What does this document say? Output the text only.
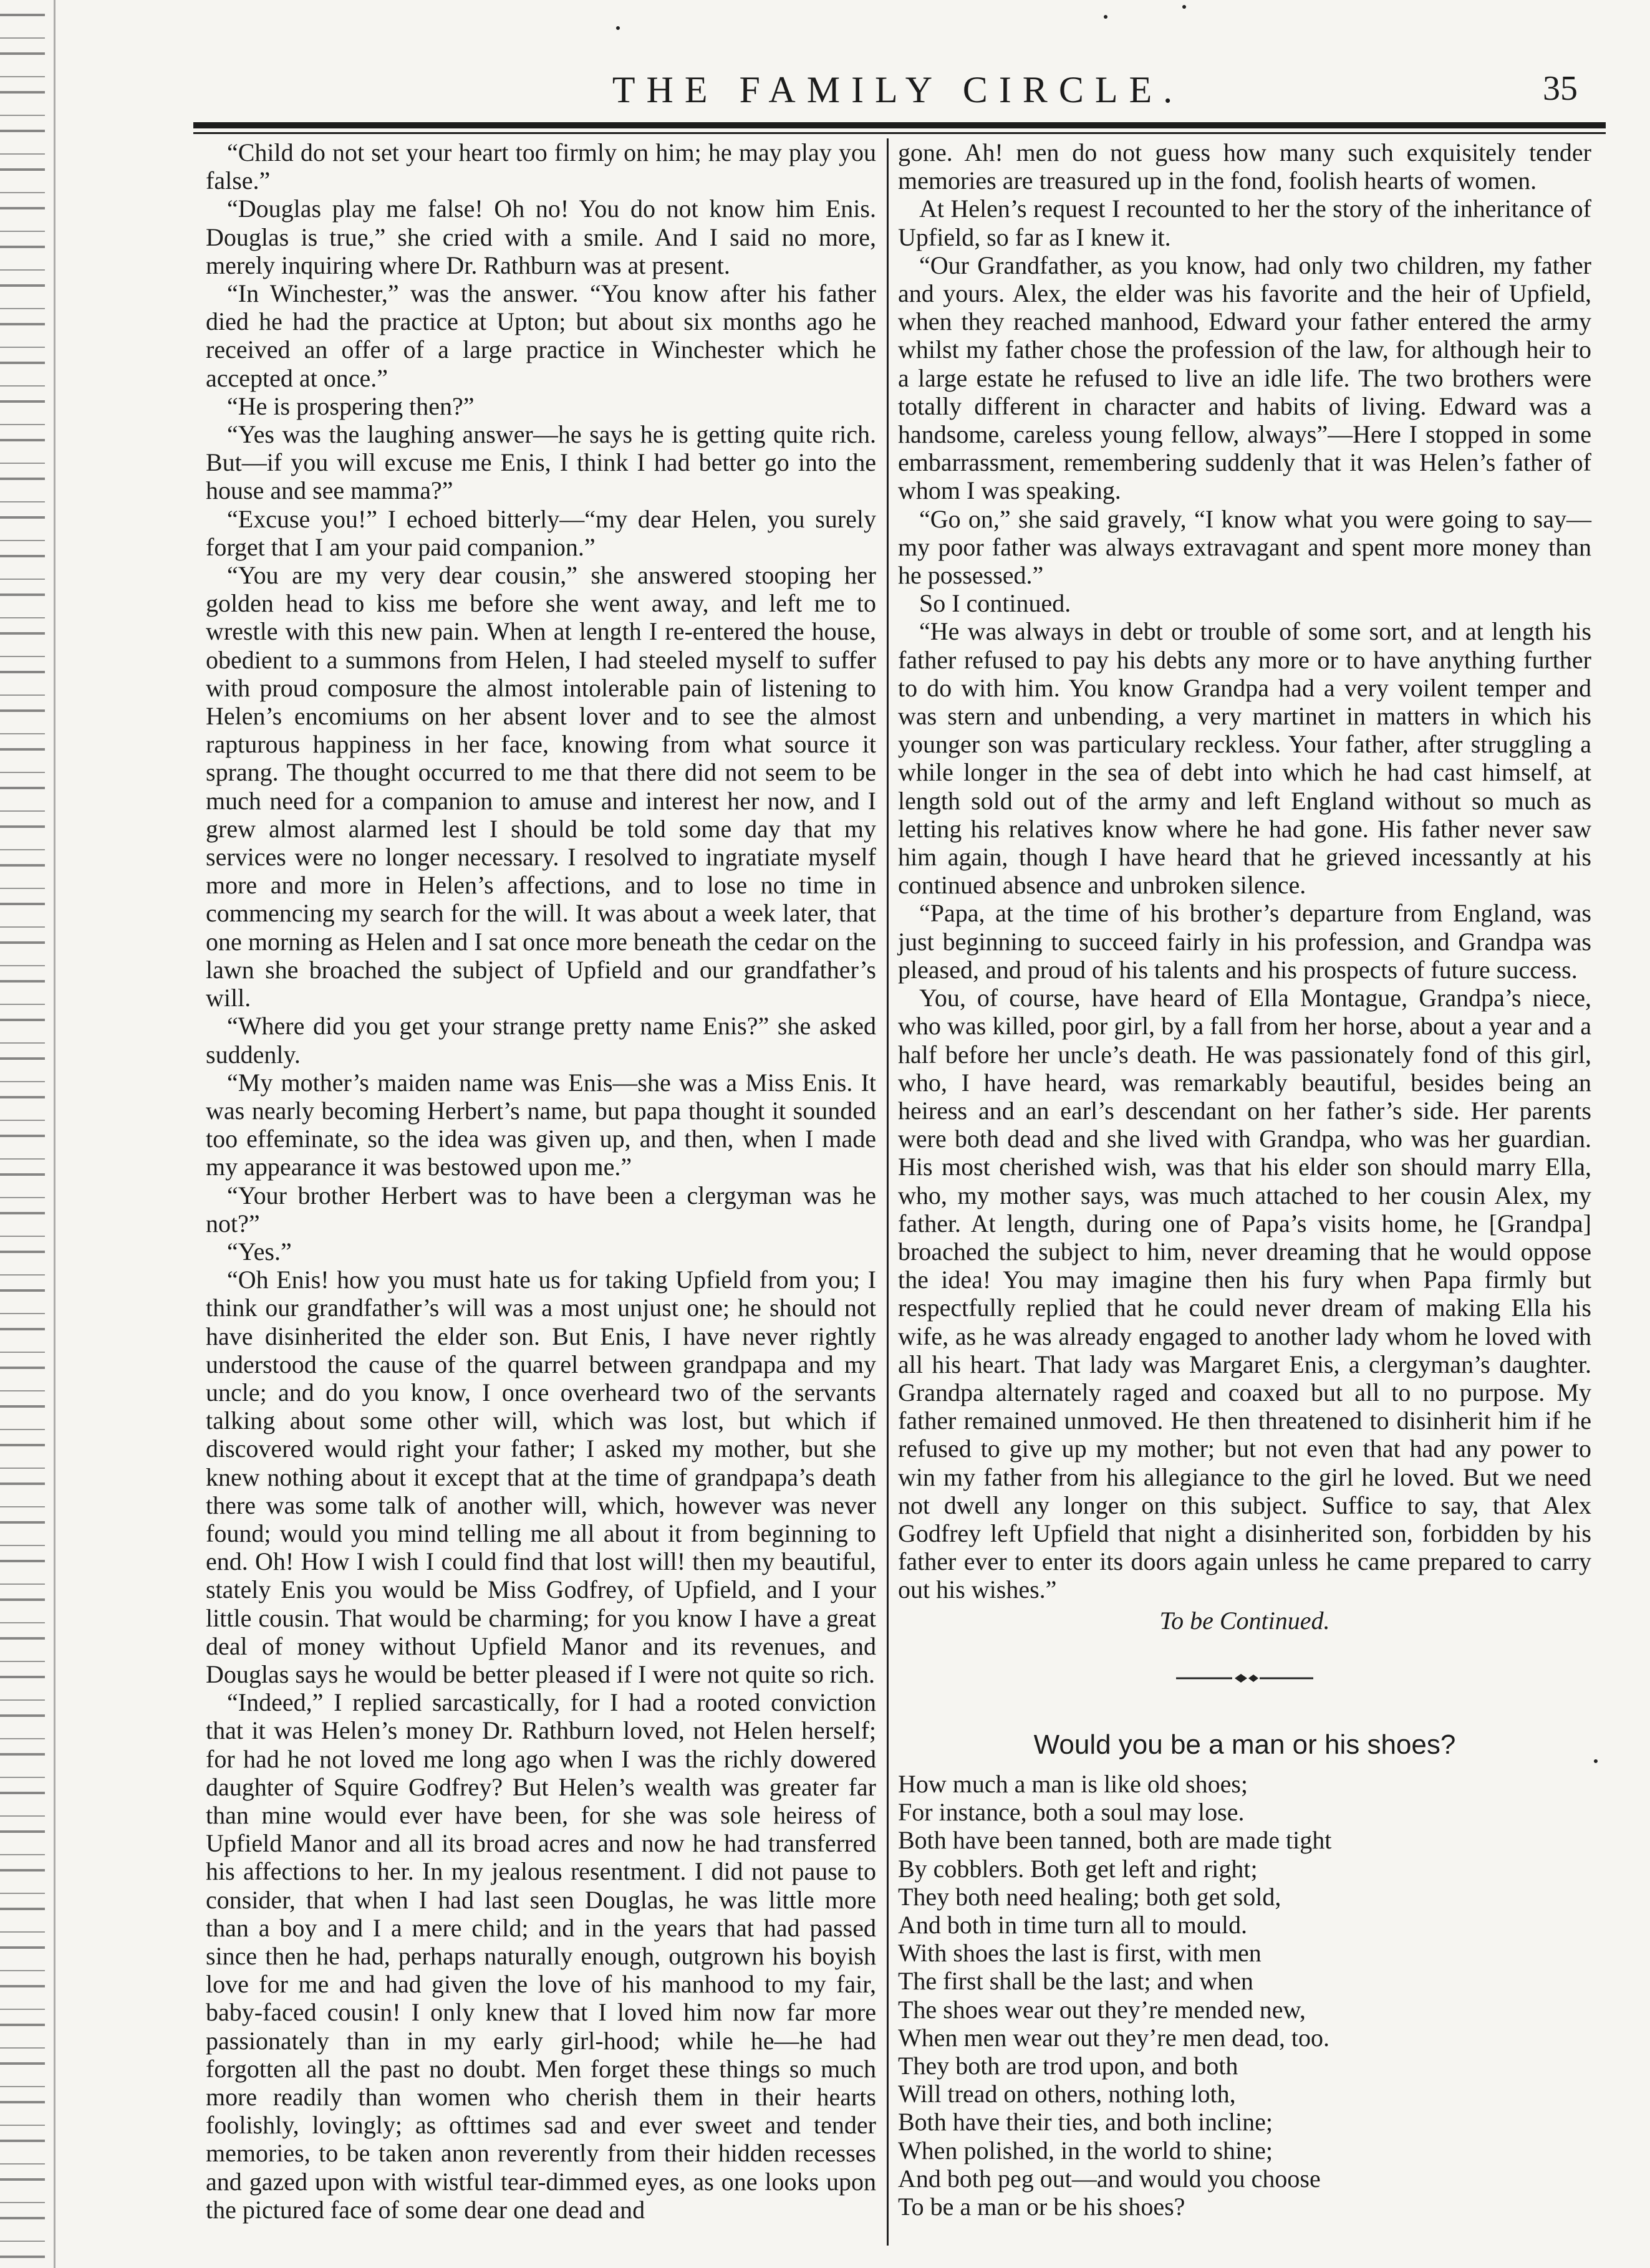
THE FAMILY CIRCLE.	35

“Child do not set your heart too firmly on him; he may play you false.”

“Douglas play me false! Oh no! You do not know him Enis. Douglas is true,” she cried with a smile. And I said no more, merely inquiring where Dr. Rathburn was at present.

“In Winchester,” was the answer. “You know after his father died he had the practice at Upton; but about six months ago he received an offer of a large practice in Winchester which he accepted at once.”

“He is prospering then?”

“Yes was the laughing answer—he says he is getting quite rich. But—if you will excuse me Enis, I think I had better go into the house and see mamma?”

“Excuse you!” I echoed bitterly—“my dear Helen, you surely forget that I am your paid companion.”

“You are my very dear cousin,” she answered stooping her golden head to kiss me before she went away, and left me to wrestle with this new pain. When at length I re-entered the house, obedient to a summons from Helen, I had steeled myself to suffer with proud composure the almost intolerable pain of listening to Helen’s encomiums on her absent lover and to see the almost rapturous happiness in her face, knowing from what source it sprang. The thought occurred to me that there did not seem to be much need for a companion to amuse and interest her now, and I grew almost alarmed lest I should be told some day that my services were no longer necessary. I resolved to ingratiate myself more and more in Helen’s affections, and to lose no time in commencing my search for the will. It was about a week later, that one morning as Helen and I sat once more beneath the cedar on the lawn she broached the subject of Upfield and our grandfather’s will.

“Where did you get your strange pretty name Enis?” she asked suddenly.

“My mother’s maiden name was Enis—she was a Miss Enis. It was nearly becoming Herbert’s name, but papa thought it sounded too effeminate, so the idea was given up, and then, when I made my appearance it was bestowed upon me.”

“Your brother Herbert was to have been a clergyman was he not?”

“Yes.”

“Oh Enis! how you must hate us for taking Upfield from you; I think our grandfather’s will was a most unjust one; he should not have disinherited the elder son. But Enis, I have never rightly understood the cause of the quarrel between grandpapa and my uncle; and do you know, I once overheard two of the servants talking about some other will, which was lost, but which if discovered would right your father; I asked my mother, but she knew nothing about it except that at the time of grandpapa’s death there was some talk of another will, which, however was never found; would you mind telling me all about it from beginning to end. Oh! How I wish I could find that lost will! then my beautiful, stately Enis you would be Miss Godfrey, of Upfield, and I your little cousin. That would be charming; for you know I have a great deal of money without Upfield Manor and its revenues, and Douglas says he would be better pleased if I were not quite so rich.

“Indeed,” I replied sarcastically, for I had a rooted conviction that it was Helen’s money Dr. Rathburn loved, not Helen herself; for had he not loved me long ago when I was the richly dowered daughter of Squire Godfrey? But Helen’s wealth was greater far than mine would ever have been, for she was sole heiress of Upfield Manor and all its broad acres and now he had transferred his affections to her. In my jealous resentment. I did not pause to consider, that when I had last seen Douglas, he was little more than a boy and I a mere child; and in the years that had passed since then he had, perhaps naturally enough, outgrown his boyish love for me and had given the love of his manhood to my fair, baby-faced cousin! I only knew that I loved him now far more passionately than in my early girl-hood; while he—he had forgotten all the past no doubt. Men forget these things so much more readily than women who cherish them in their hearts foolishly, lovingly; as ofttimes sad and ever sweet and tender memories, to be taken anon reverently from their hidden recesses and gazed upon with wistful tear-dimmed eyes, as one looks upon the pictured face of some dear one dead and

gone. Ah! men do not guess how many such exquisitely tender memories are treasured up in the fond, foolish hearts of women.

At Helen’s request I recounted to her the story of the inheritance of Upfield, so far as I knew it.

“Our Grandfather, as you know, had only two children, my father and yours. Alex, the elder was his favorite and the heir of Upfield, when they reached manhood, Edward your father entered the army whilst my father chose the profession of the law, for although heir to a large estate he refused to live an idle life. The two brothers were totally different in character and habits of living. Edward was a handsome, careless young fellow, always”—Here I stopped in some embarrassment, remembering suddenly that it was Helen’s father of whom I was speaking.

“Go on,” she said gravely, “I know what you were going to say—my poor father was always extravagant and spent more money than he possessed.”

So I continued.

“He was always in debt or trouble of some sort, and at length his father refused to pay his debts any more or to have anything further to do with him. You know Grandpa had a very voilent temper and was stern and unbending, a very martinet in matters in which his younger son was particulary reckless. Your father, after struggling a while longer in the sea of debt into which he had cast himself, at length sold out of the army and left England without so much as letting his relatives know where he had gone. His father never saw him again, though I have heard that he grieved incessantly at his continued absence and unbroken silence.

“Papa, at the time of his brother’s departure from England, was just beginning to succeed fairly in his profession, and Grandpa was pleased, and proud of his talents and his prospects of future success.

You, of course, have heard of Ella Montague, Grandpa’s niece, who was killed, poor girl, by a fall from her horse, about a year and a half before her uncle’s death. He was passionately fond of this girl, who, I have heard, was remarkably beautiful, besides being an heiress and an earl’s descendant on her father’s side. Her parents were both dead and she lived with Grandpa, who was her guardian. His most cherished wish, was that his elder son should marry Ella, who, my mother says, was much attached to her cousin Alex, my father. At length, during one of Papa’s visits home, he [Grandpa] broached the subject to him, never dreaming that he would oppose the idea! You may imagine then his fury when Papa firmly but respectfully replied that he could never dream of making Ella his wife, as he was already engaged to another lady whom he loved with all his heart. That lady was Margaret Enis, a clergyman’s daughter. Grandpa alternately raged and coaxed but all to no purpose. My father remained unmoved. He then threatened to disinherit him if he refused to give up my mother; but not even that had any power to win my father from his allegiance to the girl he loved. But we need not dwell any longer on this subject. Suffice to say, that Alex Godfrey left Upfield that night a disinherited son, forbidden by his father ever to enter its doors again unless he came prepared to carry out his wishes.”

To be Continued.

Would you be a man or his shoes?
How much a man is like old shoes;
For instance, both a soul may lose.
Both have been tanned, both are made tight
By cobblers. Both get left and right;
They both need healing; both get sold,
And both in time turn all to mould.
With shoes the last is first, with men
The first shall be the last; and when
The shoes wear out they’re mended new,
When men wear out they’re men dead, too.
They both are trod upon, and both
Will tread on others, nothing loth,
Both have their ties, and both incline;
When polished, in the world to shine;
And both peg out—and would you choose
To be a man or be his shoes?
